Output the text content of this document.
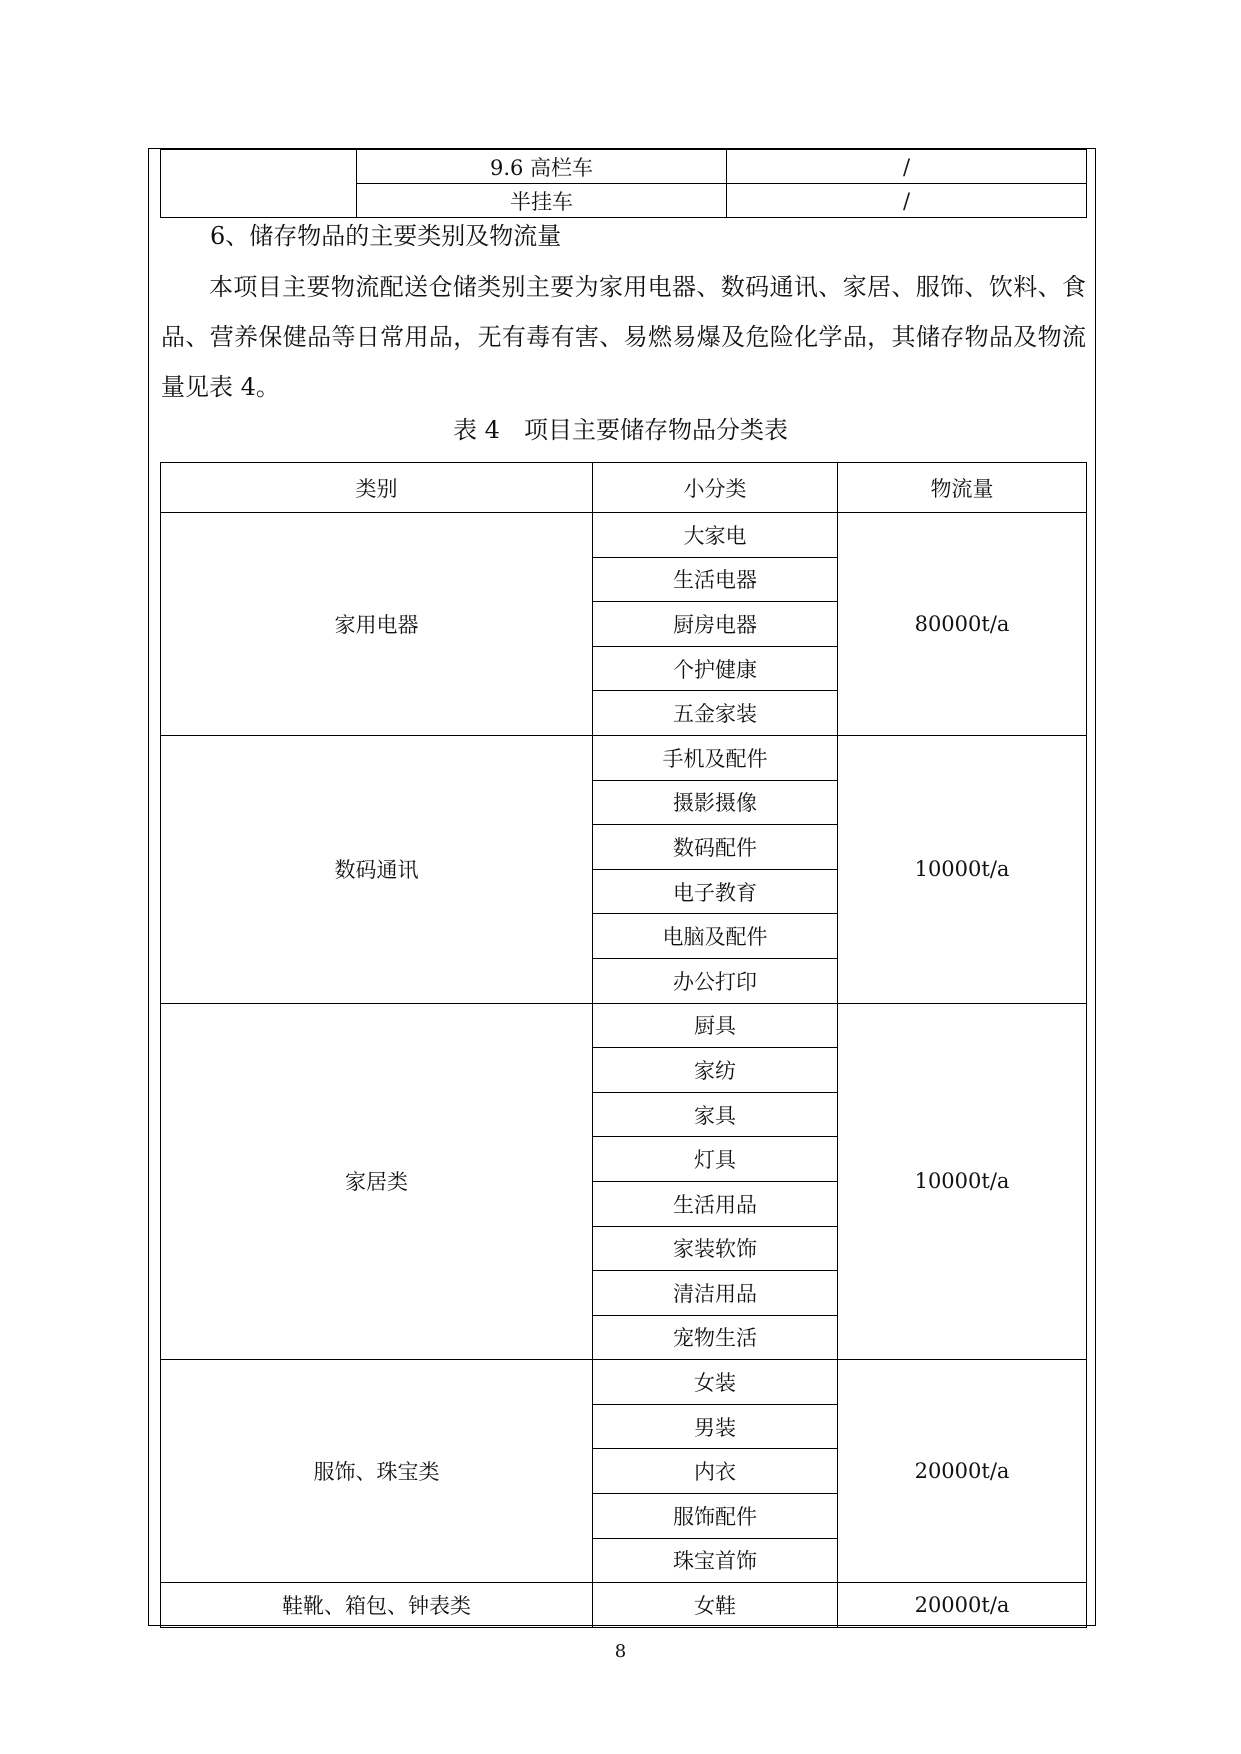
	9.6 高栏车	/
	半挂车	/
6、储存物品的主要类别及物流量

本项目主要物流配送仓储类别主要为家用电器、数码通讯、家居、服饰、饮料、食品、营养保健品等日常用品，无有毒有害、易燃易爆及危险化学品，其储存物品及物流量见表 4。

表 4　项目主要储存物品分类表
类别	小分类	物流量
家用电器	大家电	80000t/a
	生活电器	
	厨房电器	
	个护健康	
	五金家装	
数码通讯	手机及配件	10000t/a
	摄影摄像	
	数码配件	
	电子教育	
	电脑及配件	
	办公打印	
家居类	厨具	10000t/a
	家纺	
	家具	
	灯具	
	生活用品	
	家装软饰	
	清洁用品	
	宠物生活	
服饰、珠宝类	女装	20000t/a
	男装	
	内衣	
	服饰配件	
	珠宝首饰	
鞋靴、箱包、钟表类	女鞋	20000t/a
8
